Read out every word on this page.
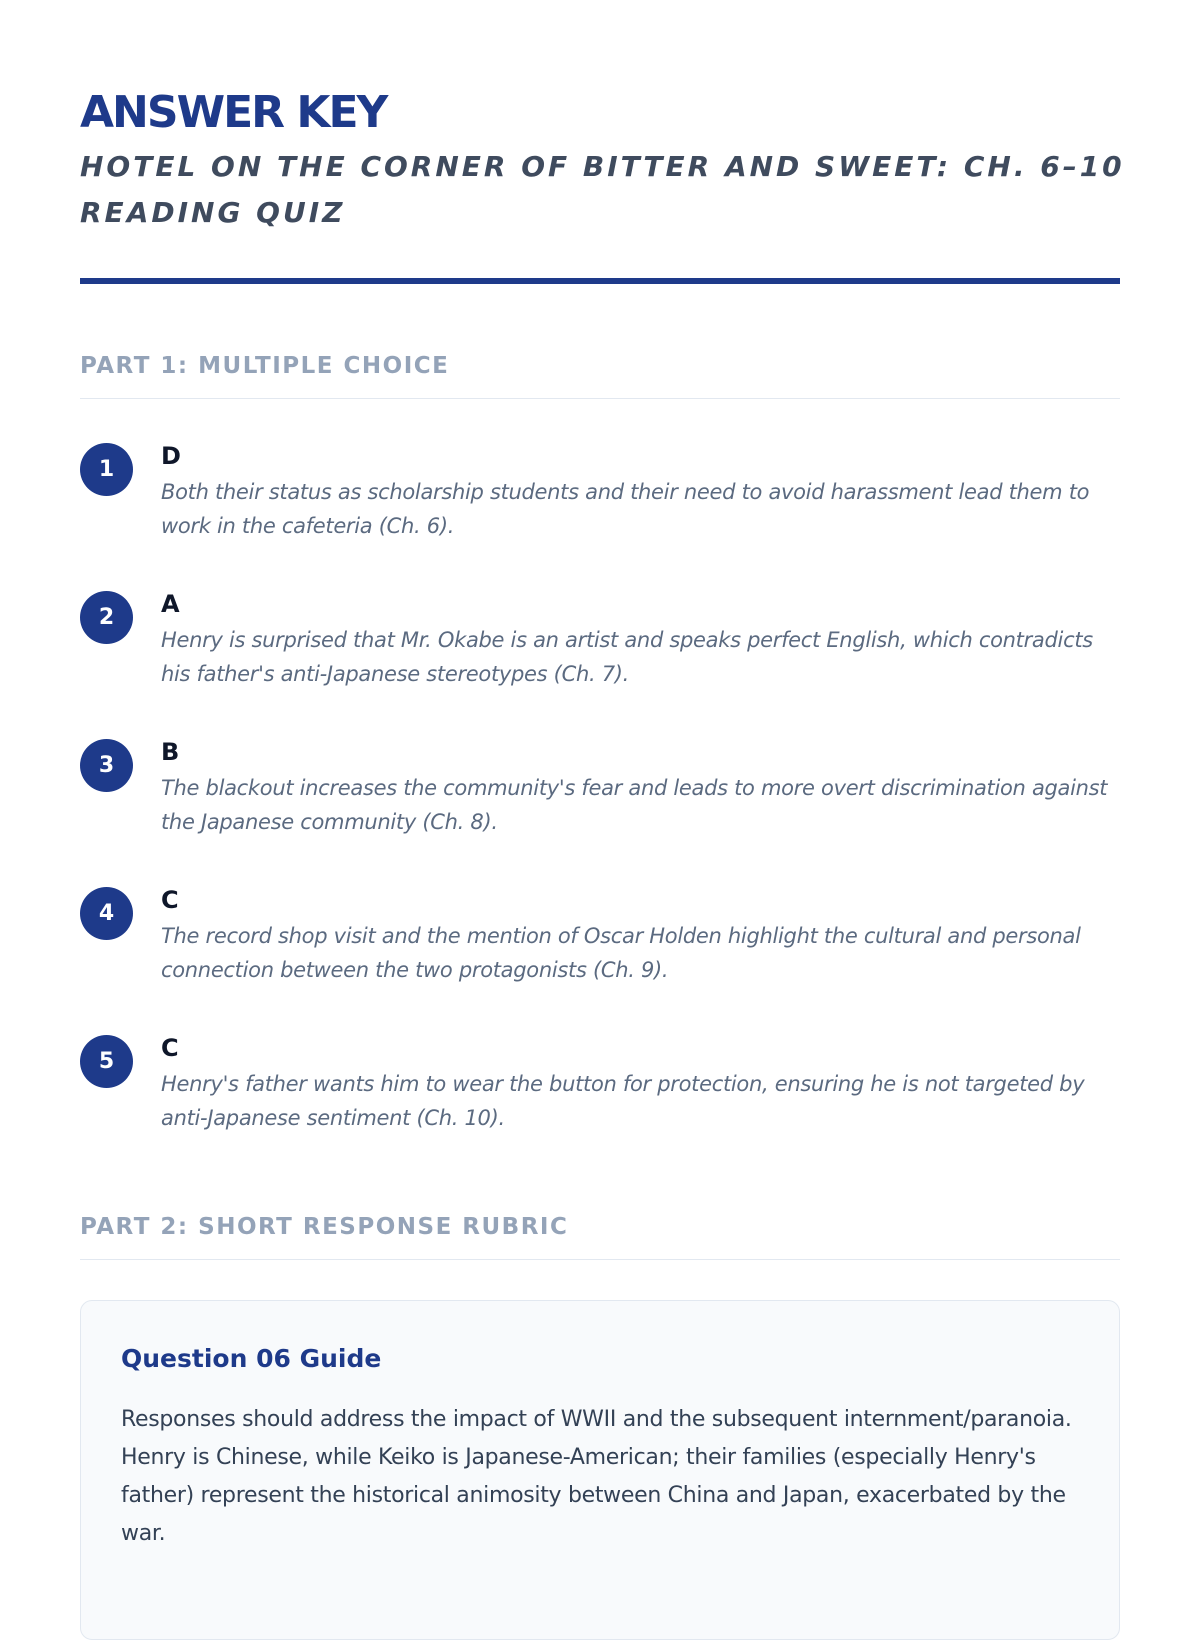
ANSWER KEY
HOTEL ON THE CORNER OF BITTER AND SWEET: CH. 6–10 READING QUIZ
PART 1: MULTIPLE CHOICE
1	D
Both their status as scholarship students and their need to avoid harassment lead them to work in the cafeteria (Ch. 6).
2	A
Henry is surprised that Mr. Okabe is an artist and speaks perfect English, which contradicts his father's anti-Japanese stereotypes (Ch. 7).
3	B
The blackout increases the community's fear and leads to more overt discrimination against the Japanese community (Ch. 8).
4	C
The record shop visit and the mention of Oscar Holden highlight the cultural and personal connection between the two protagonists (Ch. 9).
5	C
Henry's father wants him to wear the button for protection, ensuring he is not targeted by anti-Japanese sentiment (Ch. 10).
PART 2: SHORT RESPONSE RUBRIC
Question 06 Guide
Responses should address the impact of WWII and the subsequent internment/paranoia. Henry is Chinese, while Keiko is Japanese-American; their families (especially Henry's father) represent the historical animosity between China and Japan, exacerbated by the war.
